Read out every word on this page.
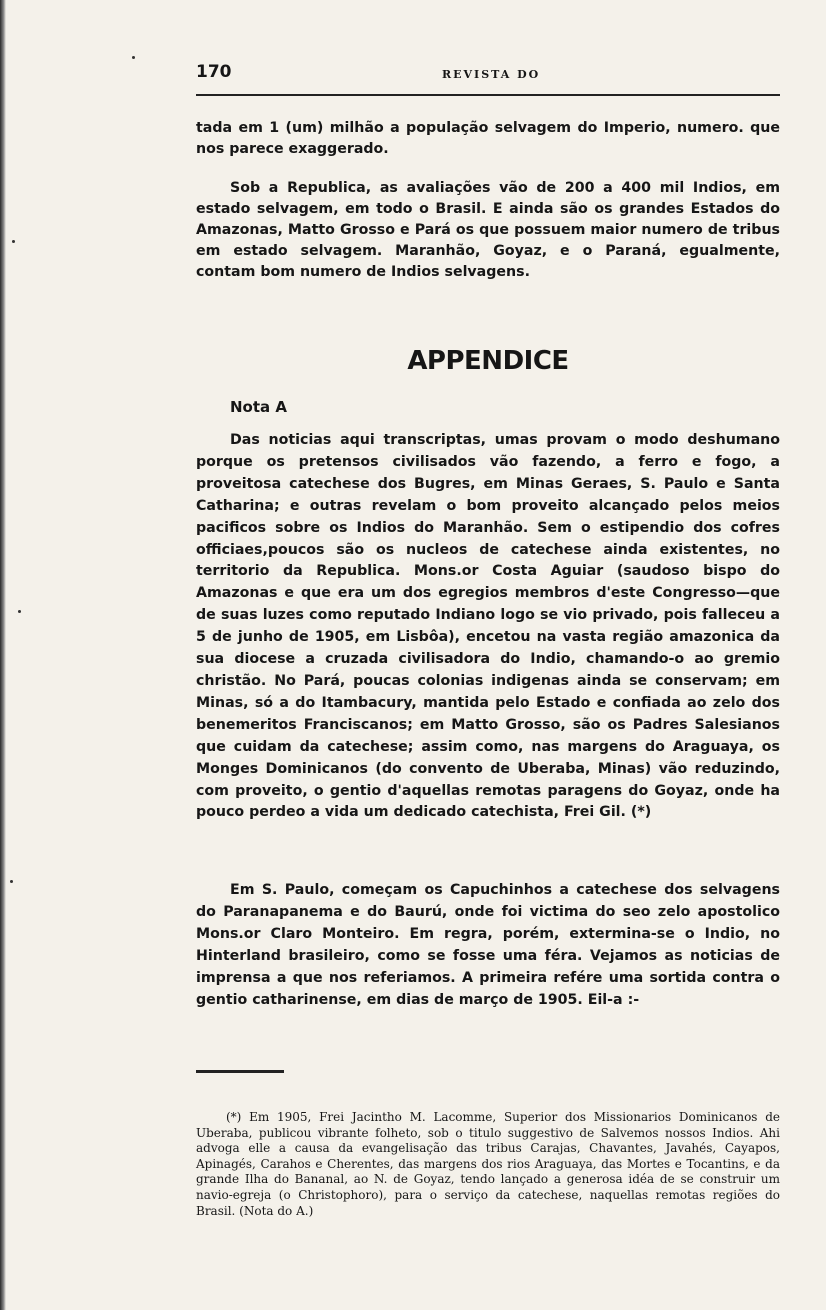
170	REVISTA DO

tada em 1 (um) milhão a população selvagem do Imperio, numero. que nos parece exaggerado.

Sob a Republica, as avaliações vão de 200 a 400 mil Indios, em estado selvagem, em todo o Brasil. E ainda são os grandes Estados do Amazonas, Matto Grosso e Pará os que possuem maior numero de tribus em estado selvagem. Maranhão, Goyaz, e o Paraná, egualmente, contam bom numero de Indios selvagens.

APPENDICE
Nota A

Das noticias aqui transcriptas, umas provam o modo deshumano porque os pretensos civilisados vão fazendo, a ferro e fogo, a proveitosa catechese dos Bugres, em Minas Geraes, S. Paulo e Santa Catharina; e outras revelam o bom proveito alcançado pelos meios pacificos sobre os Indios do Maranhão. Sem o estipendio dos cofres officiaes,poucos são os nucleos de catechese ainda existentes, no territorio da Republica. Mons.or Costa Aguiar (saudoso bispo do Amazonas e que era um dos egregios membros d'este Congresso—que de suas luzes como reputado Indiano logo se vio privado, pois falleceu a 5 de junho de 1905, em Lisbôa), encetou na vasta região amazonica da sua diocese a cruzada civilisadora do Indio, chamando-o ao gremio christão. No Pará, poucas colonias indigenas ainda se conservam; em Minas, só a do Itambacury, mantida pelo Estado e confiada ao zelo dos benemeritos Franciscanos; em Matto Grosso, são os Padres Salesianos que cuidam da catechese; assim como, nas margens do Araguaya, os Monges Dominicanos (do convento de Uberaba, Minas) vão reduzindo, com proveito, o gentio d'aquellas remotas paragens do Goyaz, onde ha pouco perdeo a vida um dedicado catechista, Frei Gil. (*)

Em S. Paulo, começam os Capuchinhos a catechese dos selvagens do Paranapanema e do Baurú, onde foi victima do seo zelo apostolico Mons.or Claro Monteiro. Em regra, porém, extermina-se o Indio, no Hinterland brasileiro, como se fosse uma féra. Vejamos as noticias de imprensa a que nos referiamos. A primeira refére uma sortida contra o gentio catharinense, em dias de março de 1905. Eil-a :-

(*) Em 1905, Frei Jacintho M. Lacomme, Superior dos Missionarios Dominicanos de Uberaba, publicou vibrante folheto, sob o titulo suggestivo de Salvemos nossos Indios. Ahi advoga elle a causa da evangelisação das tribus Carajas, Chavantes, Javahés, Cayapos, Apinagés, Carahos e Cherentes, das margens dos rios Araguaya, das Mortes e Tocantins, e da grande Ilha do Bananal, ao N. de Goyaz, tendo lançado a generosa idéa de se construir um navio-egreja (o Christophoro), para o serviço da catechese, naquellas remotas regiões do Brasil. (Nota do A.)
